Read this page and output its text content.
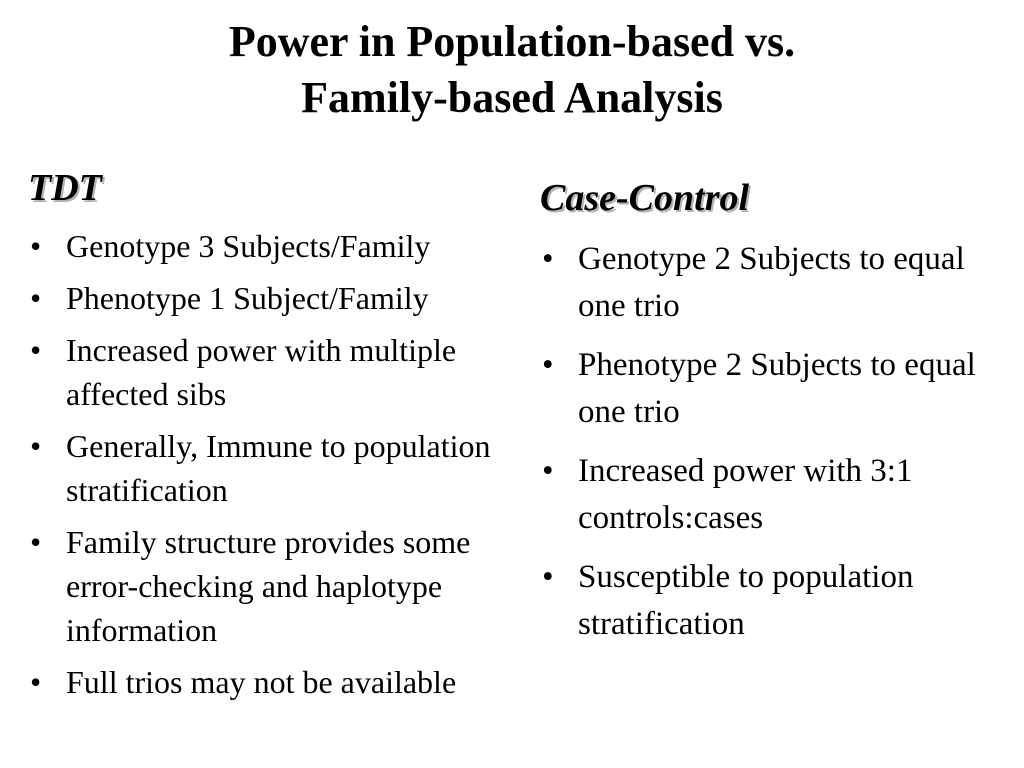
Power in Population-based vs.
Family-based Analysis
TDT
• Genotype 3 Subjects/Family
• Phenotype 1 Subject/Family
• Increased power with multiple affected sibs
• Generally, Immune to population stratification
• Family structure provides some error-checking and haplotype information
• Full trios may not be available
Case-Control
• Genotype 2 Subjects to equal one trio
• Phenotype 2 Subjects to equal one trio
• Increased power with 3:1 controls:cases
• Susceptible to population stratification
